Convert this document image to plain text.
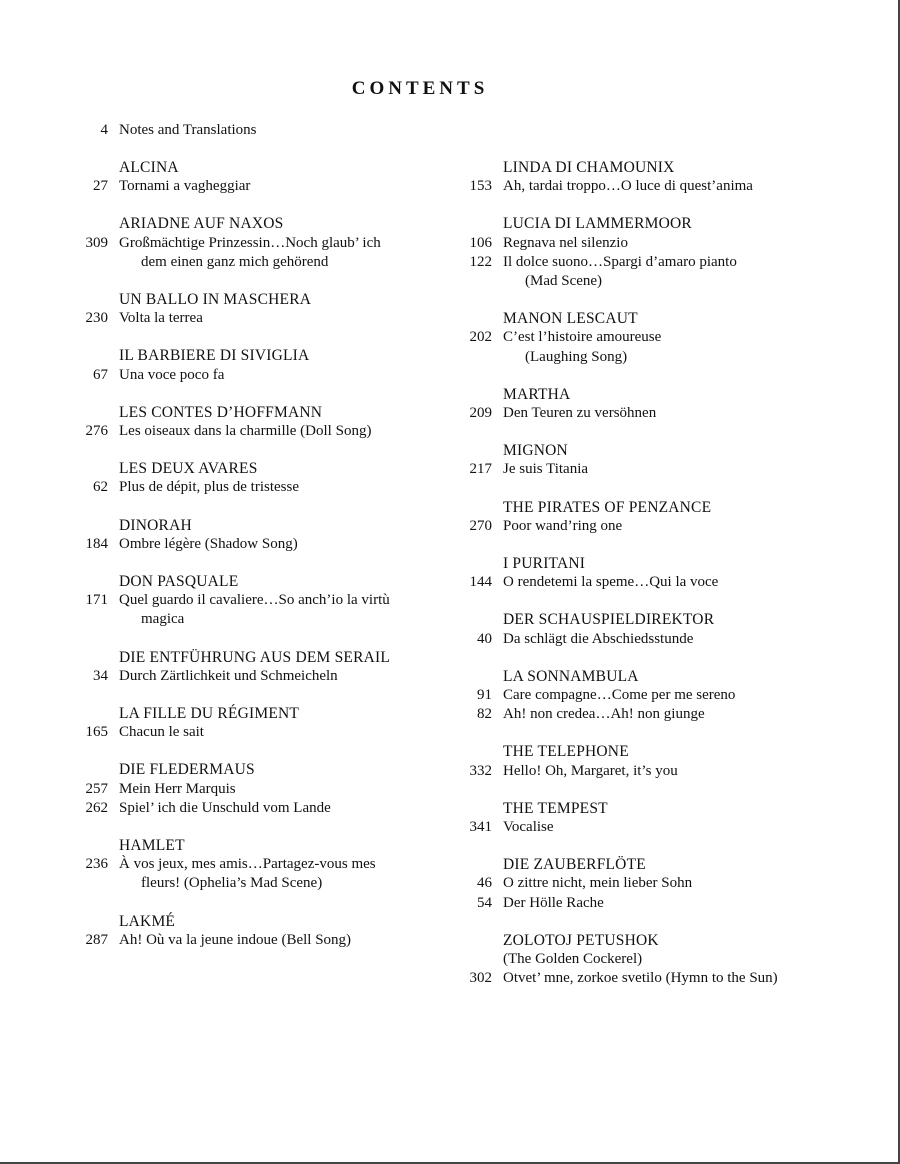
CONTENTS
4 Notes and Translations
ALCINA
27 Tornami a vagheggiar
ARIADNE AUF NAXOS
309 Großmächtige Prinzessin…Noch glaub’ ich
dem einen ganz mich gehörend
UN BALLO IN MASCHERA
230 Volta la terrea
IL BARBIERE DI SIVIGLIA
67 Una voce poco fa
LES CONTES D’HOFFMANN
276 Les oiseaux dans la charmille (Doll Song)
LES DEUX AVARES
62 Plus de dépit, plus de tristesse
DINORAH
184 Ombre légère (Shadow Song)
DON PASQUALE
171 Quel guardo il cavaliere…So anch’io la virtù
magica
DIE ENTFÜHRUNG AUS DEM SERAIL
34 Durch Zärtlichkeit und Schmeicheln
LA FILLE DU RÉGIMENT
165 Chacun le sait
DIE FLEDERMAUS
257 Mein Herr Marquis
262 Spiel’ ich die Unschuld vom Lande
HAMLET
236 À vos jeux, mes amis…Partagez-vous mes
fleurs! (Ophelia’s Mad Scene)
LAKMÉ
287 Ah! Où va la jeune indoue (Bell Song)
LINDA DI CHAMOUNIX
153 Ah, tardai troppo…O luce di quest’anima
LUCIA DI LAMMERMOOR
106 Regnava nel silenzio
122 Il dolce suono…Spargi d’amaro pianto
(Mad Scene)
MANON LESCAUT
202 C’est l’histoire amoureuse
(Laughing Song)
MARTHA
209 Den Teuren zu versöhnen
MIGNON
217 Je suis Titania
THE PIRATES OF PENZANCE
270 Poor wand’ring one
I PURITANI
144 O rendetemi la speme…Qui la voce
DER SCHAUSPIELDIREKTOR
40 Da schlägt die Abschiedsstunde
LA SONNAMBULA
91 Care compagne…Come per me sereno
82 Ah! non credea…Ah! non giunge
THE TELEPHONE
332 Hello! Oh, Margaret, it’s you
THE TEMPEST
341 Vocalise
DIE ZAUBERFLÖTE
46 O zittre nicht, mein lieber Sohn
54 Der Hölle Rache
ZOLOTOJ PETUSHOK
(The Golden Cockerel)
302 Otvet’ mne, zorkoe svetilo (Hymn to the Sun)
